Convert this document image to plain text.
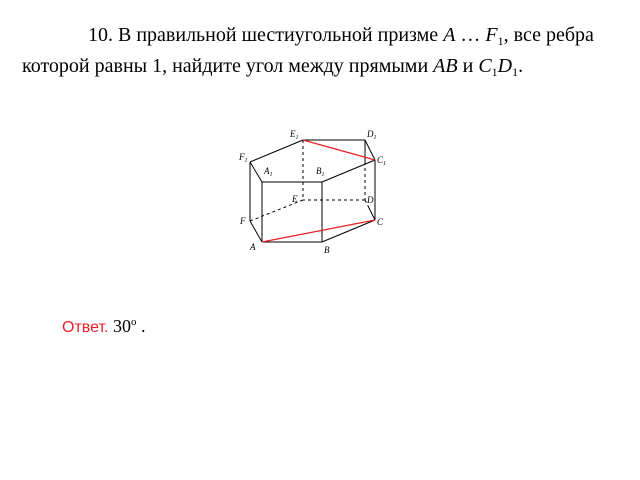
10. В правильной шестиугольной призме A … $F_1$, все ребра которой равны 1, найдите угол между прямыми AB и $C_1D_1$.

$E_1$	$D_1$
$F_1$	$C_1$
$A_1$	$B_1$
E	D
F	C
A	B
Ответ. 30$^o$ .
